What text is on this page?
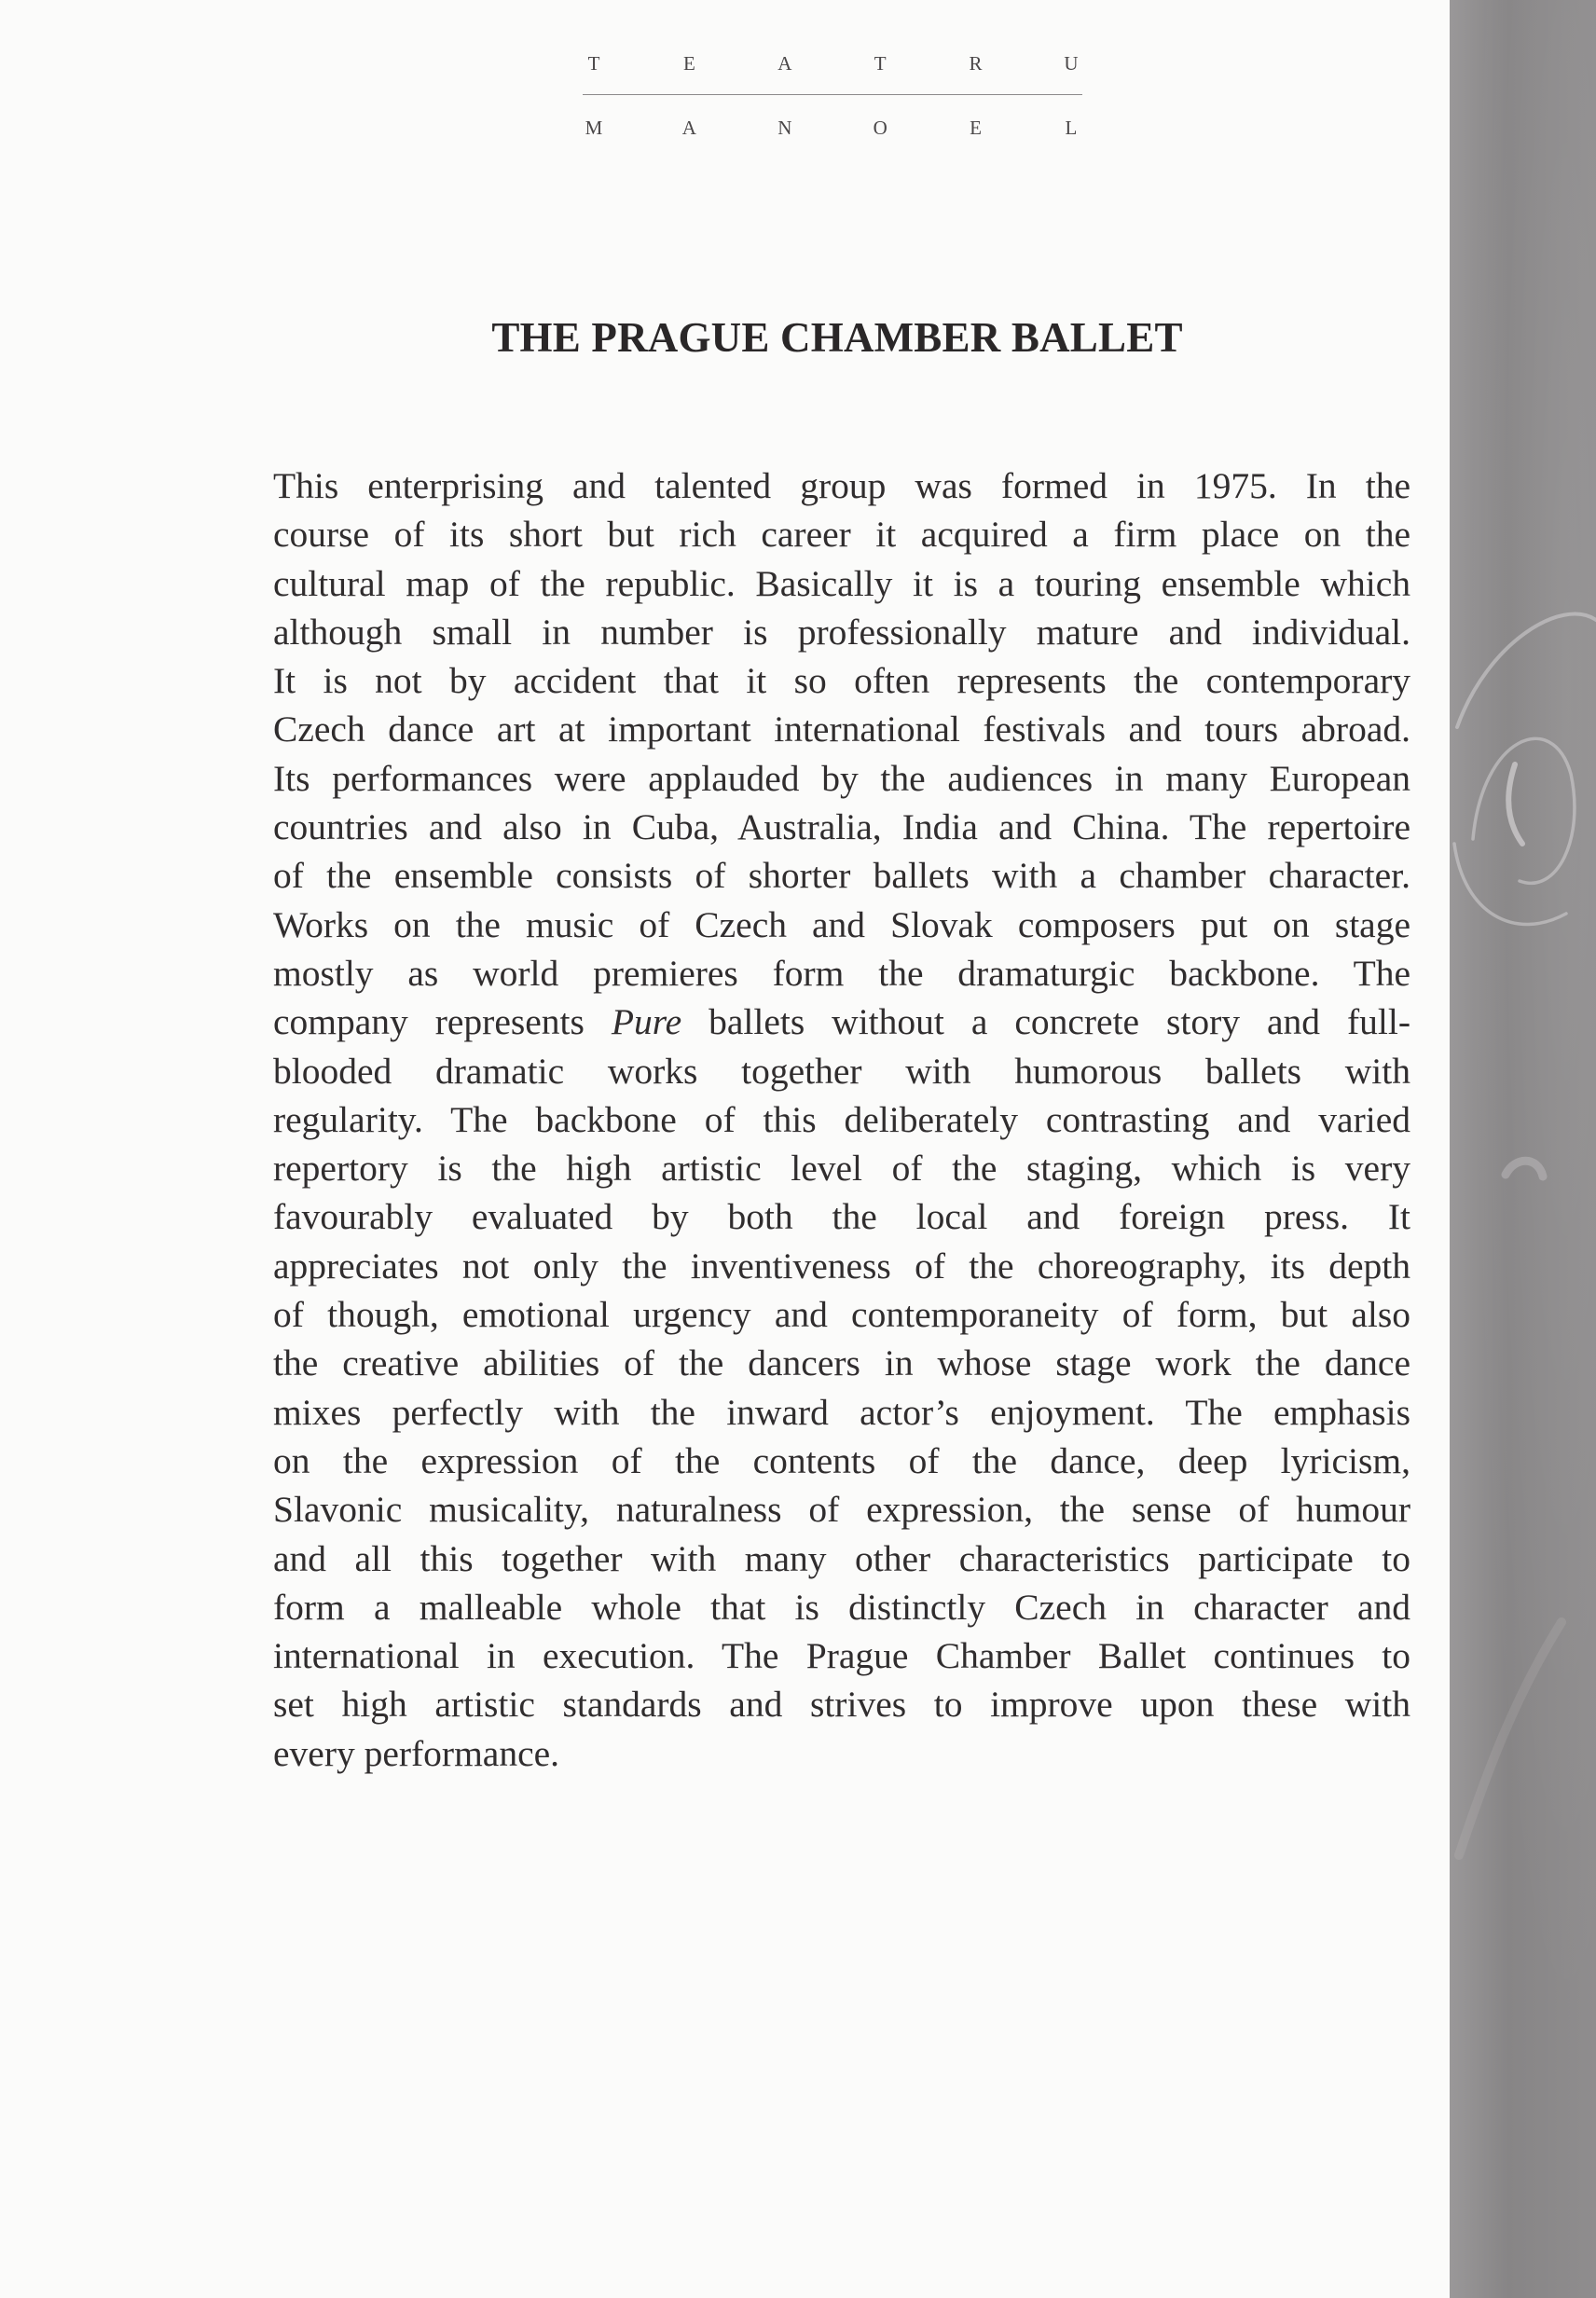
T	E	A	T	R	U
M	A	N	O	E	L
THE PRAGUE CHAMBER BALLET
This enterprising and talented group was formed in 1975. In the
course of its short but rich career it acquired a firm place on the
cultural map of the republic. Basically it is a touring ensemble which
although small in number is professionally mature and individual.
It is not by accident that it so often represents the contemporary
Czech dance art at important international festivals and tours abroad.
Its performances were applauded by the audiences in many European
countries and also in Cuba, Australia, India and China. The repertoire
of the ensemble consists of shorter ballets with a chamber character.
Works on the music of Czech and Slovak composers put on stage
mostly as world premieres form the dramaturgic backbone. The
company represents Pure ballets without a concrete story and full-
blooded dramatic works together with humorous ballets with
regularity. The backbone of this deliberately contrasting and varied
repertory is the high artistic level of the staging, which is very
favourably evaluated by both the local and foreign press. It
appreciates not only the inventiveness of the choreography, its depth
of though, emotional urgency and contemporaneity of form, but also
the creative abilities of the dancers in whose stage work the dance
mixes perfectly with the inward actor’s enjoyment. The emphasis
on the expression of the contents of the dance, deep lyricism,
Slavonic musicality, naturalness of expression, the sense of humour
and all this together with many other characteristics participate to
form a malleable whole that is distinctly Czech in character and
international in execution. The Prague Chamber Ballet continues to
set high artistic standards and strives to improve upon these with
every performance.
